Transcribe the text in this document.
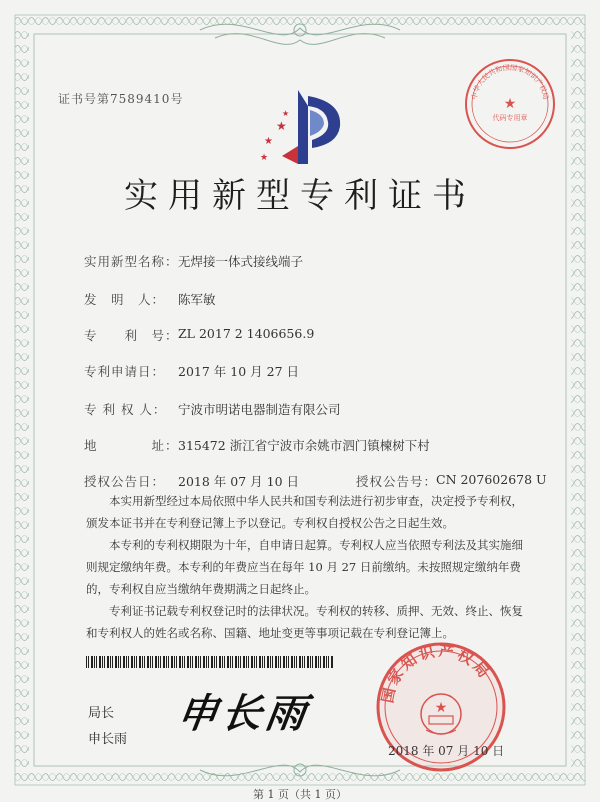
证书号第7589410号	中华人民共和国国家知识产权局
代码专用章
★
★
★
★
★
实用新型专利证书
实用新型名称： 无焊接一体式接线端子
发　明　人： 陈军敏
专　　利　号： ZL 2017 2 1406656.9
专利申请日： 2017 年 10 月 27 日
专 利 权 人： 宁波市明诺电器制造有限公司
地　　　　址： 315472 浙江省宁波市余姚市泗门镇楝树下村
授权公告日： 2018 年 07 月 10 日	授权公告号：
CN 207602678 U

本实用新型经过本局依照中华人民共和国专利法进行初步审查，决定授予专利权，颁发本证书并在专利登记簿上予以登记。专利权自授权公告之日起生效。

本专利的专利权期限为十年，自申请日起算。专利权人应当依照专利法及其实施细则规定缴纳年费。本专利的年费应当在每年 10 月 27 日前缴纳。未按照规定缴纳年费的，专利权自应当缴纳年费期满之日起终止。

专利证书记载专利权登记时的法律状况。专利权的转移、质押、无效、终止、恢复和专利权人的姓名或名称、国籍、地址变更等事项记载在专利登记簿上。

局长
申长雨
申长雨	国家知识产权局
★
2018 年 07 月 10 日
第 1 页（共 1 页）
